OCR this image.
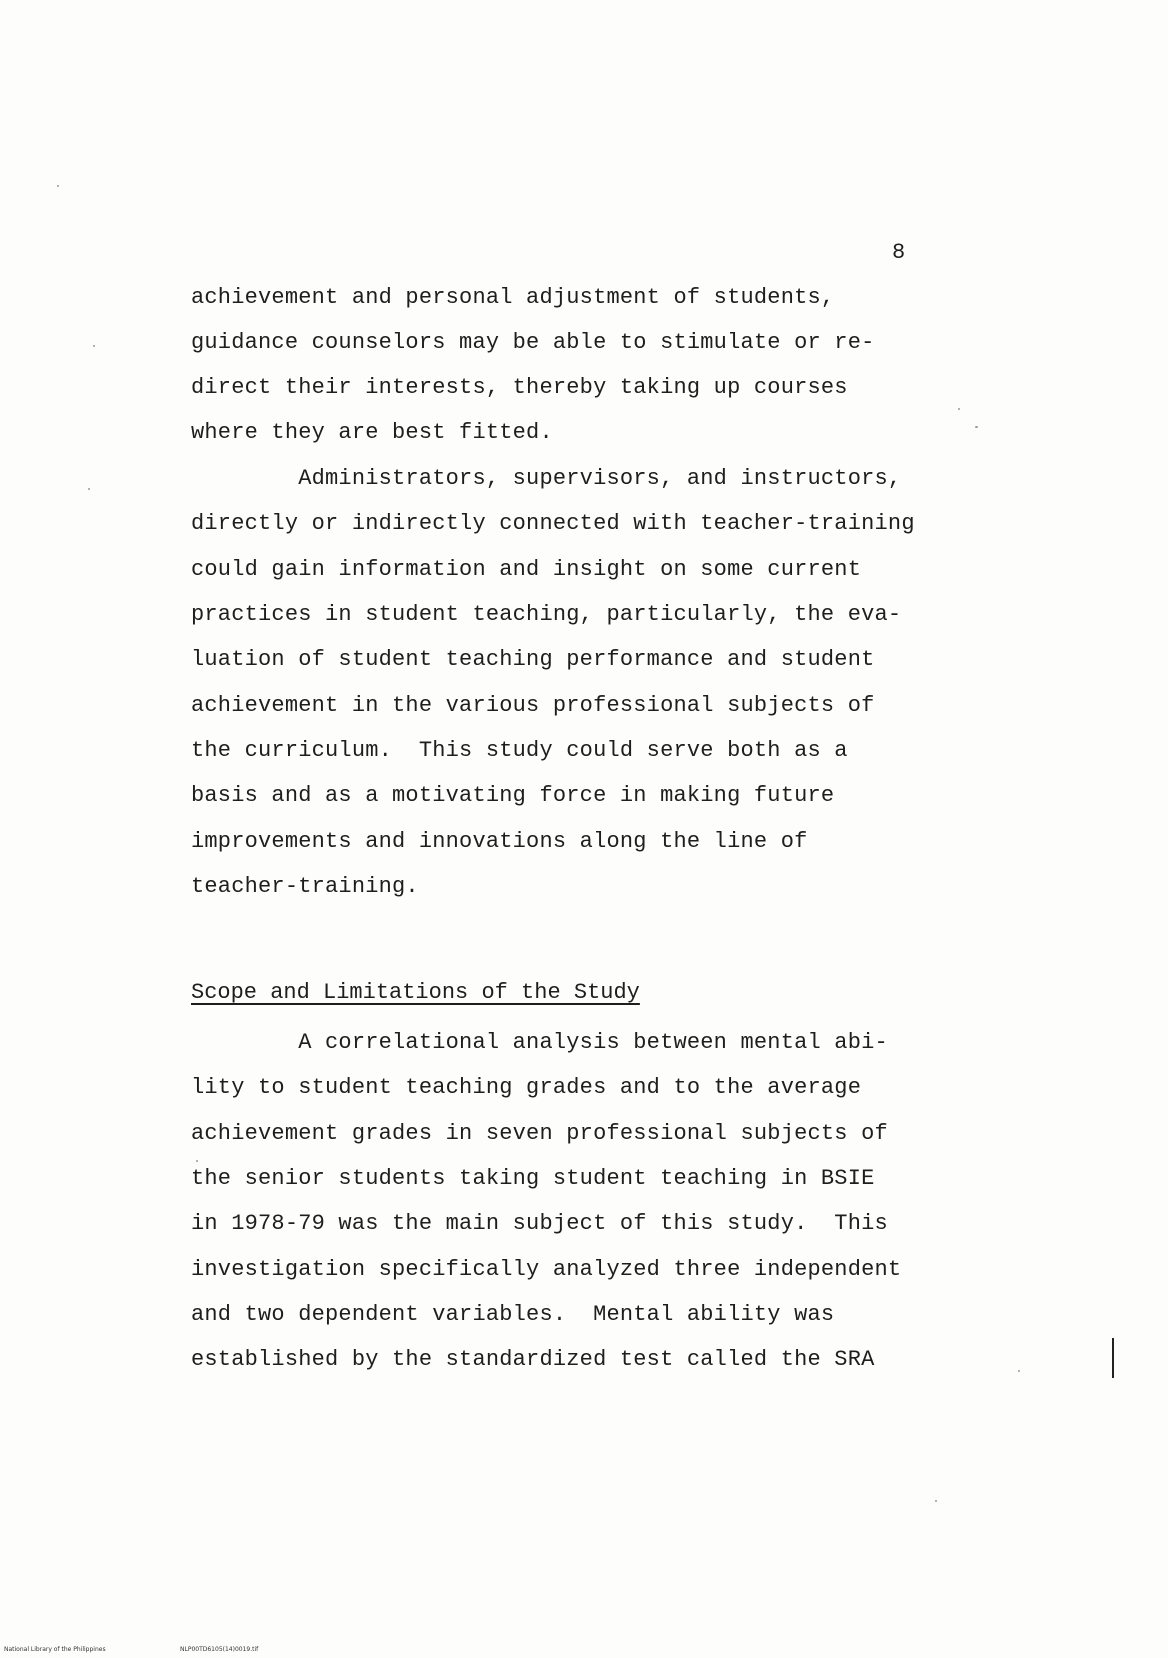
8
achievement and personal adjustment of students,
guidance counselors may be able to stimulate or re-
direct their interests, thereby taking up courses
where they are best fitted.
Administrators, supervisors, and instructors,
directly or indirectly connected with teacher-training
could gain information and insight on some current
practices in student teaching, particularly, the eva-
luation of student teaching performance and student
achievement in the various professional subjects of
the curriculum.  This study could serve both as a
basis and as a motivating force in making future
improvements and innovations along the line of
teacher-training.
Scope and Limitations of the Study
A correlational analysis between mental abi-
lity to student teaching grades and to the average
achievement grades in seven professional subjects of
the senior students taking student teaching in BSIE
in 1978-79 was the main subject of this study.  This
investigation specifically analyzed three independent
and two dependent variables.  Mental ability was
established by the standardized test called the SRA
National Library of the Philippines	NLP00TD6105(14)0019.tif
